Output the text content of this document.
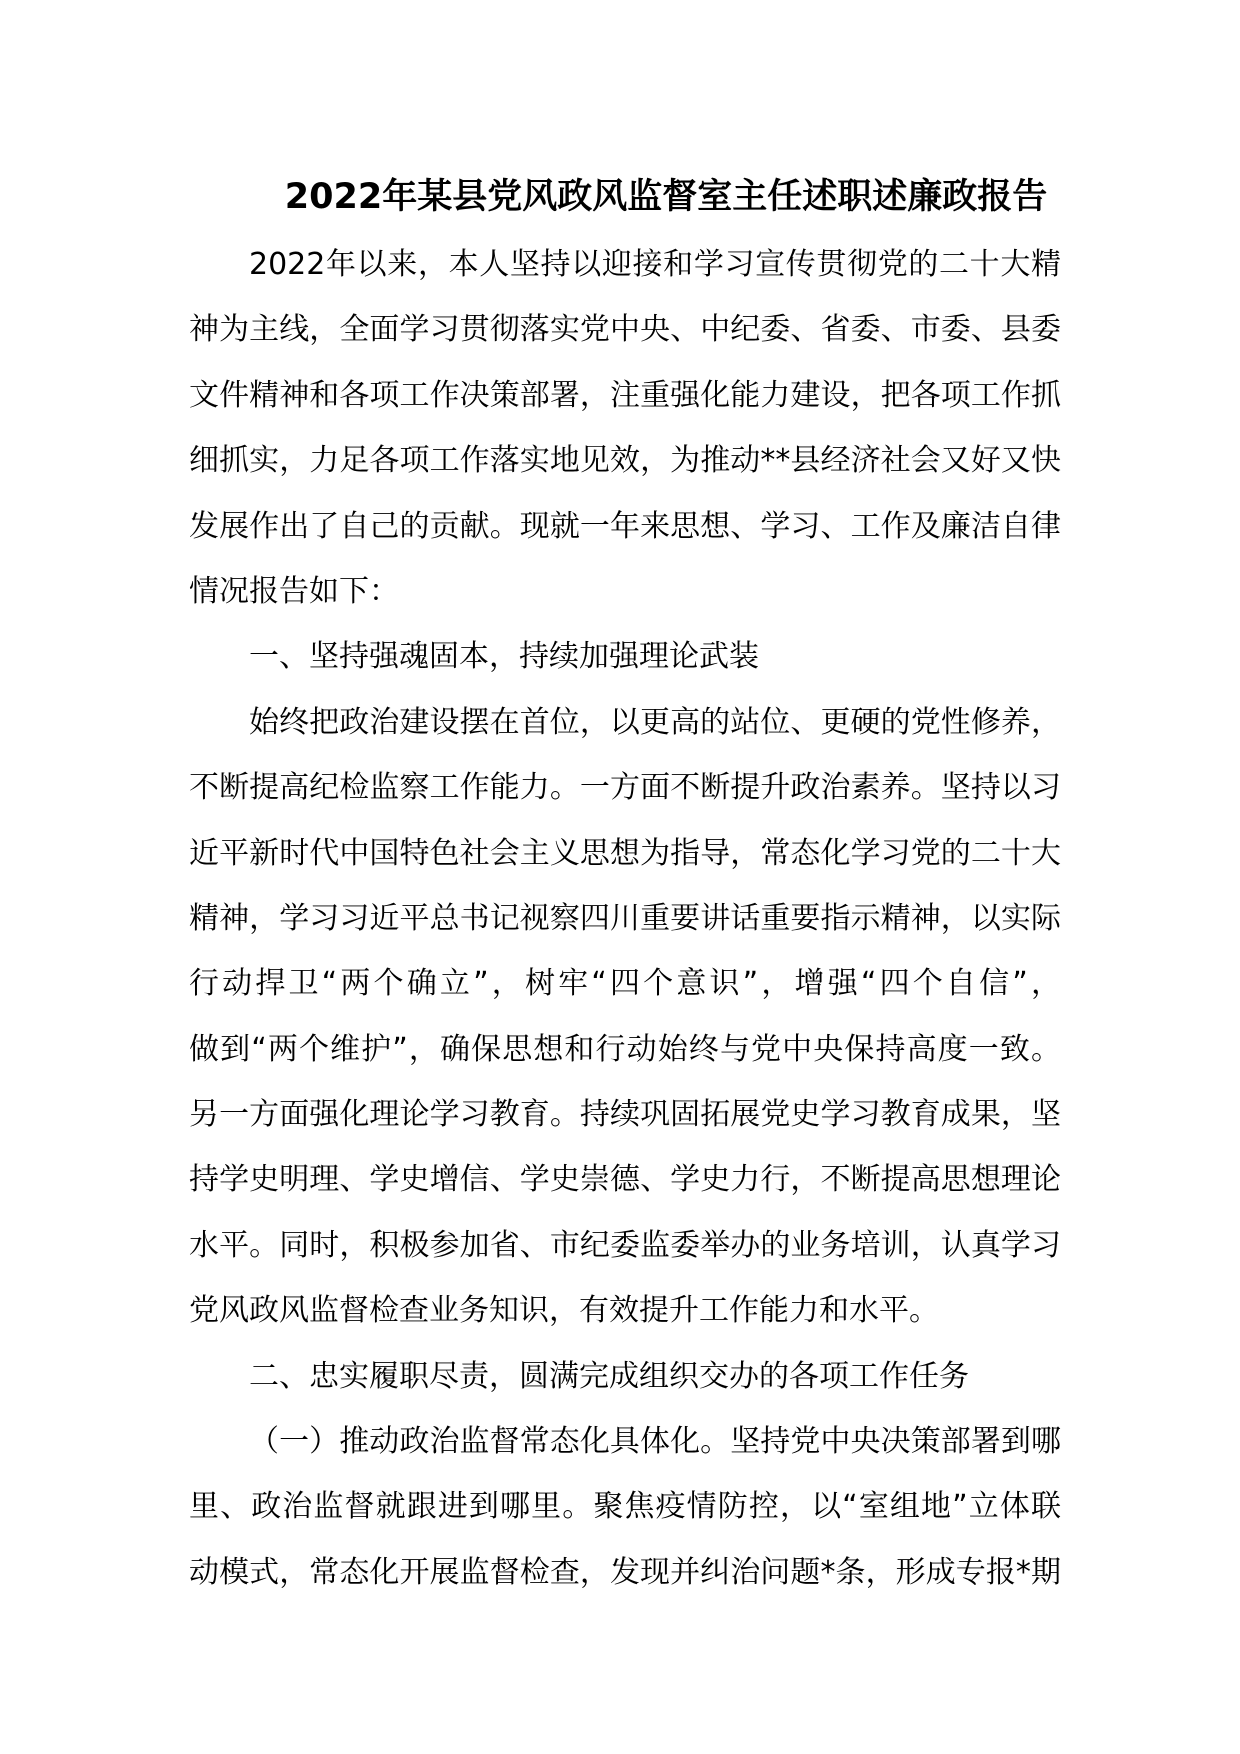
2022年某县党风政风监督室主任述职述廉政报告
2022年以来，本人坚持以迎接和学习宣传贯彻党的二十大精
神为主线，全面学习贯彻落实党中央、中纪委、省委、市委、县委
文件精神和各项工作决策部署，注重强化能力建设，把各项工作抓
细抓实，力足各项工作落实地见效，为推动**县经济社会又好又快
发展作出了自己的贡献。现就一年来思想、学习、工作及廉洁自律
情况报告如下：
一、坚持强魂固本，持续加强理论武装
始终把政治建设摆在首位，以更高的站位、更硬的党性修养，
不断提高纪检监察工作能力。一方面不断提升政治素养。坚持以习
近平新时代中国特色社会主义思想为指导，常态化学习党的二十大
精神，学习习近平总书记视察四川重要讲话重要指示精神，以实际
行动捍卫“两个确立”，树牢“四个意识”，增强“四个自信”，
做到“两个维护”，确保思想和行动始终与党中央保持高度一致。
另一方面强化理论学习教育。持续巩固拓展党史学习教育成果，坚
持学史明理、学史增信、学史崇德、学史力行，不断提高思想理论
水平。同时，积极参加省、市纪委监委举办的业务培训，认真学习
党风政风监督检查业务知识，有效提升工作能力和水平。
二、忠实履职尽责，圆满完成组织交办的各项工作任务
（一）推动政治监督常态化具体化。坚持党中央决策部署到哪
里、政治监督就跟进到哪里。聚焦疫情防控，以“室组地”立体联
动模式，常态化开展监督检查，发现并纠治问题*条，形成专报*期
